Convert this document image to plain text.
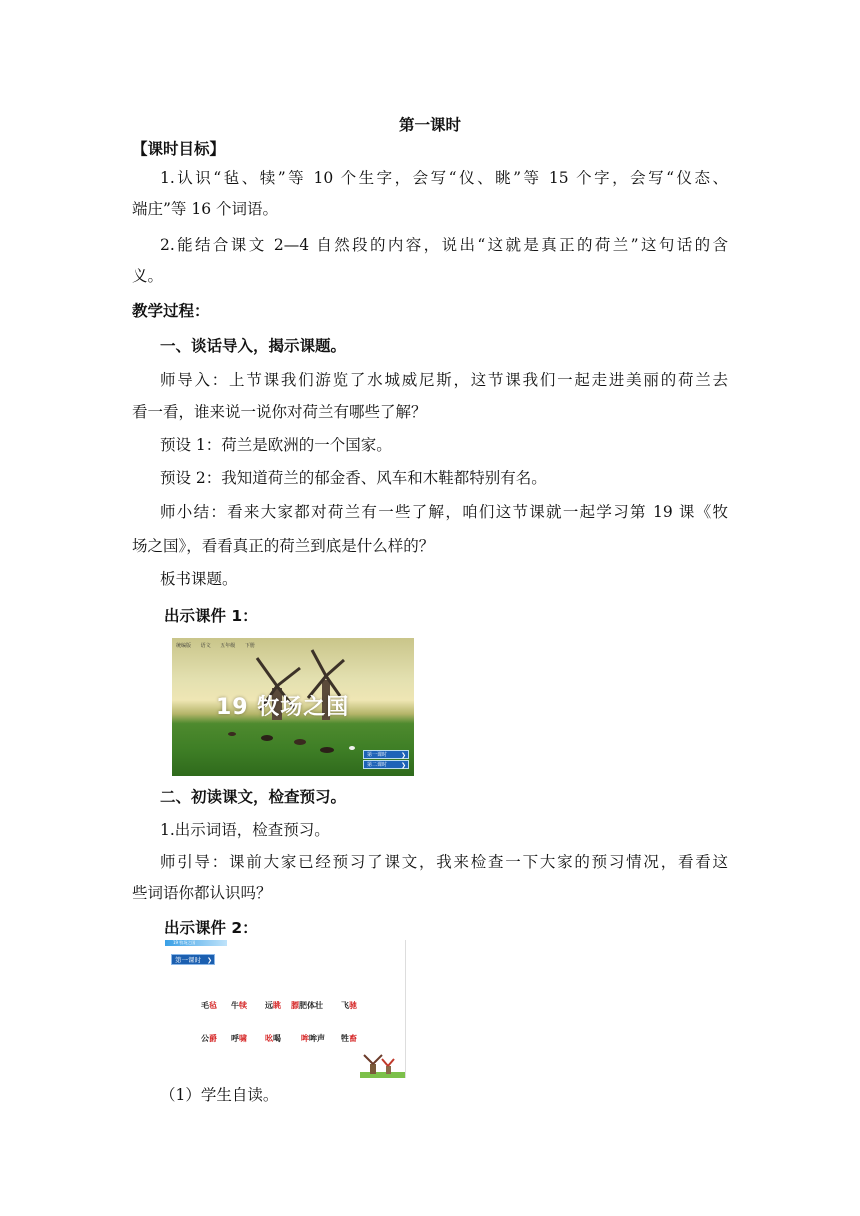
第一课时
【课时目标】
1.认识“毡、犊”等 10 个生字，会写“仪、眺”等 15 个字，会写“仪态、
端庄”等 16 个词语。
2.能结合课文 2—4 自然段的内容，说出“这就是真正的荷兰”这句话的含
义。
教学过程：
一、谈话导入，揭示课题。
师导入：上节课我们游览了水城威尼斯，这节课我们一起走进美丽的荷兰去
看一看，谁来说一说你对荷兰有哪些了解？
预设 1：荷兰是欧洲的一个国家。
预设 2：我知道荷兰的郁金香、风车和木鞋都特别有名。
师小结：看来大家都对荷兰有一些了解，咱们这节课就一起学习第 19 课《牧
场之国》，看看真正的荷兰到底是什么样的？
板书课题。
出示课件 1：
统编版 语文 五年级 下册
19 牧场之国
第一课时 ❯
第二课时 ❯
二、初读课文，检查预习。
1.出示词语，检查预习。
师引导：课前大家已经预习了课文，我来检查一下大家的预习情况，看看这
些词语你都认识吗？
出示课件 2：
19 牧场之国
第一课时 ❯
毛毡 牛犊 远眺 膘肥体壮 飞驰
公爵 呼啸 吆喝	哞哞声 牲畜
（1）学生自读。
